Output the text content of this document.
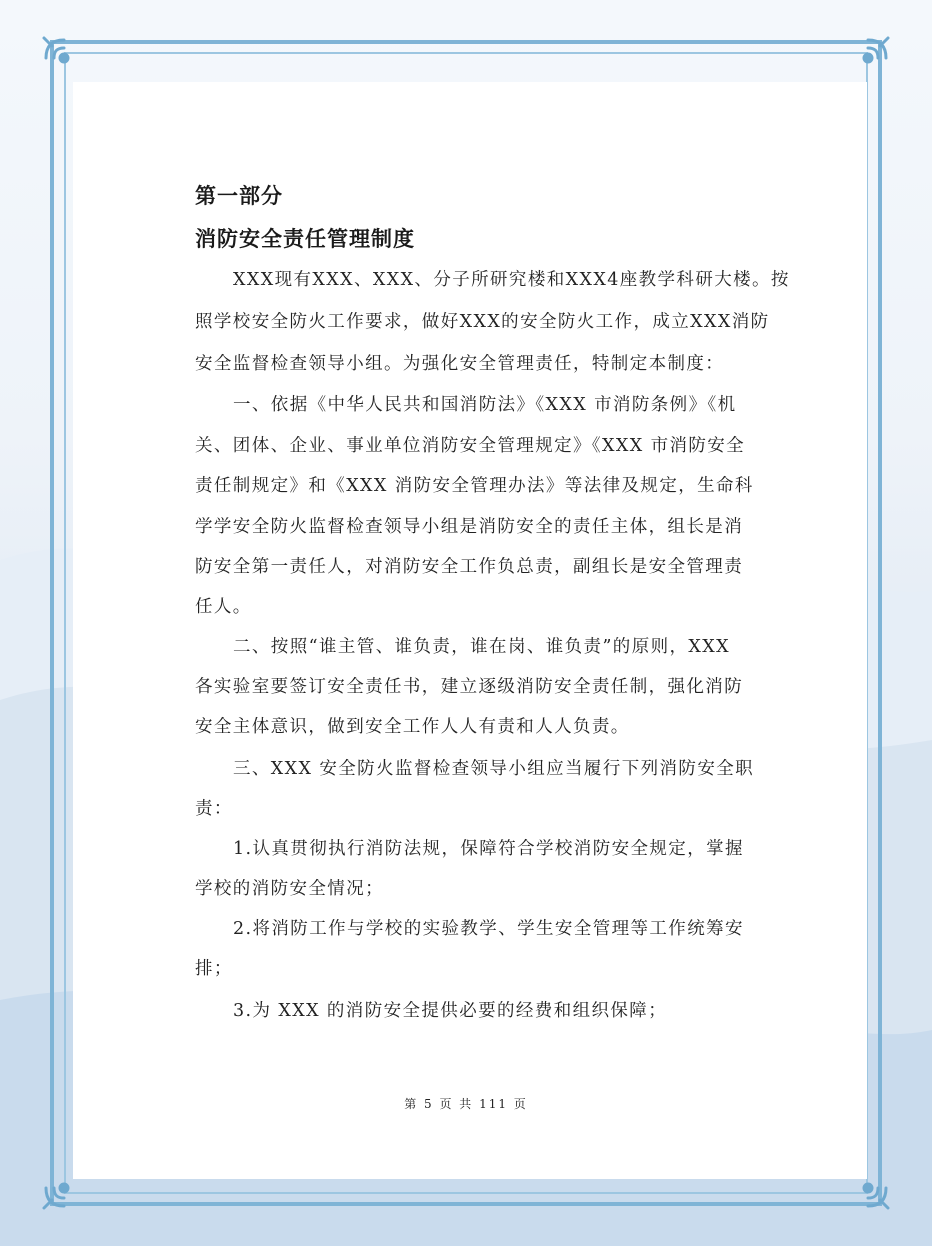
第一部分
消防安全责任管理制度
XXX现有XXX、XXX、分子所研究楼和XXX4座教学科研大楼。按
照学校安全防火工作要求，做好XXX的安全防火工作，成立XXX消防
安全监督检查领导小组。为强化安全管理责任，特制定本制度：
一、依据《中华人民共和国消防法》《XXX 市消防条例》《机
关、团体、企业、事业单位消防安全管理规定》《XXX 市消防安全
责任制规定》和《XXX 消防安全管理办法》等法律及规定，生命科
学学安全防火监督检查领导小组是消防安全的责任主体，组长是消
防安全第一责任人，对消防安全工作负总责，副组长是安全管理责
任人。
二、按照“谁主管、谁负责，谁在岗、谁负责”的原则，XXX
各实验室要签订安全责任书，建立逐级消防安全责任制，强化消防
安全主体意识，做到安全工作人人有责和人人负责。
三、XXX 安全防火监督检查领导小组应当履行下列消防安全职
责：
1.认真贯彻执行消防法规，保障符合学校消防安全规定，掌握
学校的消防安全情况；
2.将消防工作与学校的实验教学、学生安全管理等工作统筹安
排；
3.为 XXX 的消防安全提供必要的经费和组织保障；
第 5 页 共 111 页
